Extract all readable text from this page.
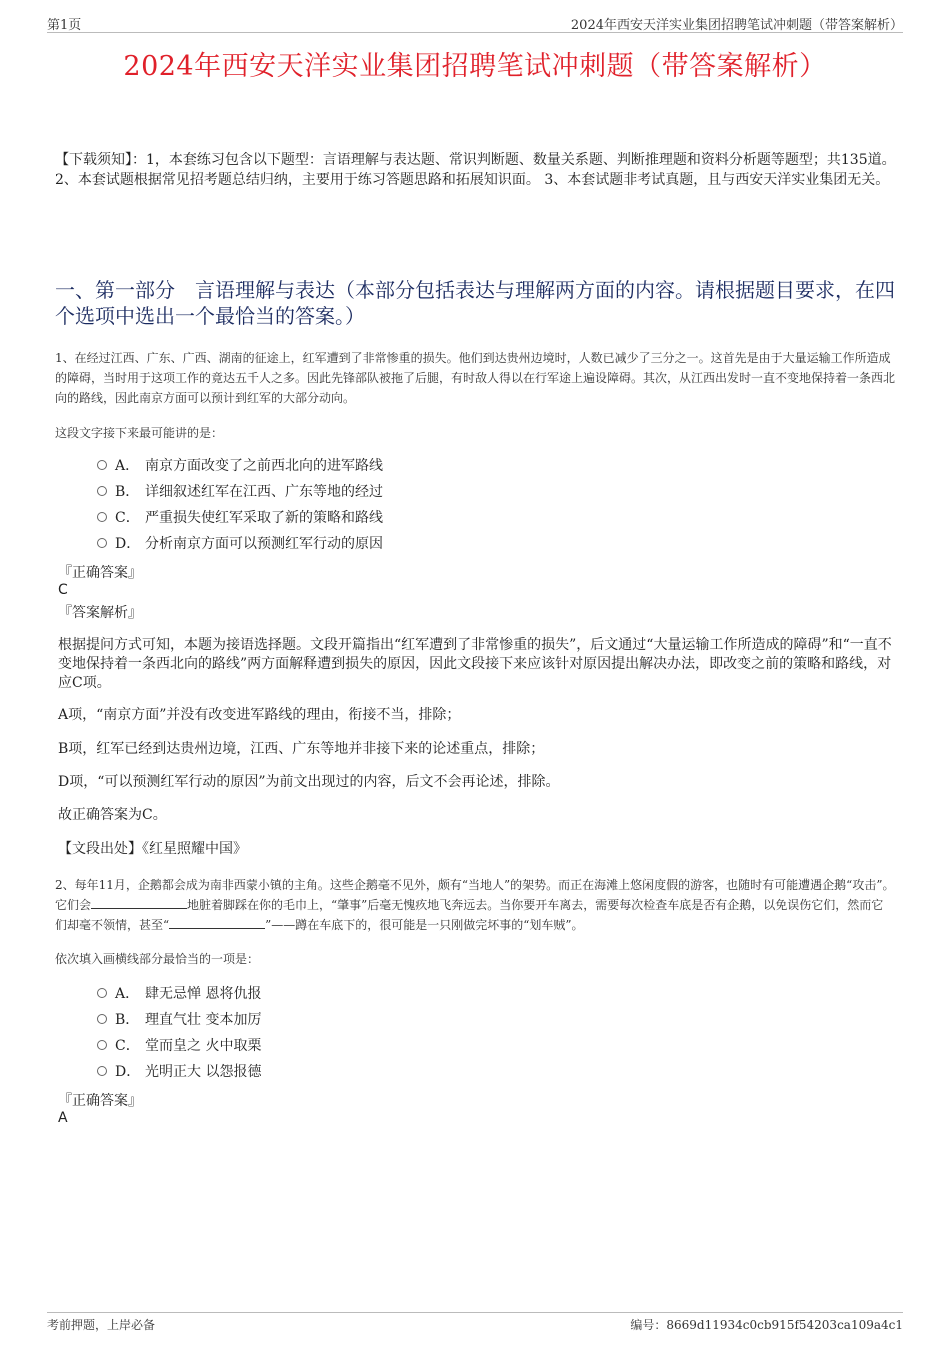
第1页	2024年西安天洋实业集团招聘笔试冲刺题（带答案解析）
2024年西安天洋实业集团招聘笔试冲刺题（带答案解析）
【下载须知】：1，本套练习包含以下题型：言语理解与表达题、常识判断题、数量关系题、判断推理题和资料分析题等题型；共135道。 2、本套试题根据常见招考题总结归纳，主要用于练习答题思路和拓展知识面。 3、本套试题非考试真题，且与西安天洋实业集团无关。
一、第一部分　言语理解与表达（本部分包括表达与理解两方面的内容。请根据题目要求，在四个选项中选出一个最恰当的答案。）
1、在经过江西、广东、广西、湖南的征途上，红军遭到了非常惨重的损失。他们到达贵州边境时，人数已减少了三分之一。这首先是由于大量运输工作所造成的障碍，当时用于这项工作的竟达五千人之多。因此先锋部队被拖了后腿，有时敌人得以在行军途上遍设障碍。其次，从江西出发时一直不变地保持着一条西北向的路线，因此南京方面可以预计到红军的大部分动向。
这段文字接下来最可能讲的是：
A． 南京方面改变了之前西北向的进军路线
B． 详细叙述红军在江西、广东等地的经过
C． 严重损失使红军采取了新的策略和路线
D． 分析南京方面可以预测红军行动的原因
『正确答案』
C
『答案解析』
根据提问方式可知，本题为接语选择题。文段开篇指出“红军遭到了非常惨重的损失”，后文通过“大量运输工作所造成的障碍”和“一直不变地保持着一条西北向的路线”两方面解释遭到损失的原因，因此文段接下来应该针对原因提出解决办法，即改变之前的策略和路线，对应C项。
A项，“南京方面”并没有改变进军路线的理由，衔接不当，排除；
B项，红军已经到达贵州边境，江西、广东等地并非接下来的论述重点，排除；
D项，“可以预测红军行动的原因”为前文出现过的内容，后文不会再论述，排除。
故正确答案为C。
【文段出处】《红星照耀中国》
2、每年11月，企鹅都会成为南非西蒙小镇的主角。这些企鹅毫不见外，颇有“当地人”的架势。而正在海滩上悠闲度假的游客，也随时有可能遭遇企鹅“攻击”。它们会	地脏着脚踩在你的毛巾上，“肇事”后毫无愧疚地飞奔远去。当你要开车离去，需要每次检查车底是否有企鹅，以免误伤它们，然而它们却毫不领情，甚至“	”——蹲在车底下的，很可能是一只刚做完坏事的“划车贼”。
依次填入画横线部分最恰当的一项是：
A． 肆无忌惮 恩将仇报
B． 理直气壮 变本加厉
C． 堂而皇之 火中取栗
D． 光明正大 以怨报德
『正确答案』
A
考前押题，上岸必备	编号：8669d11934c0cb915f54203ca109a4c1
